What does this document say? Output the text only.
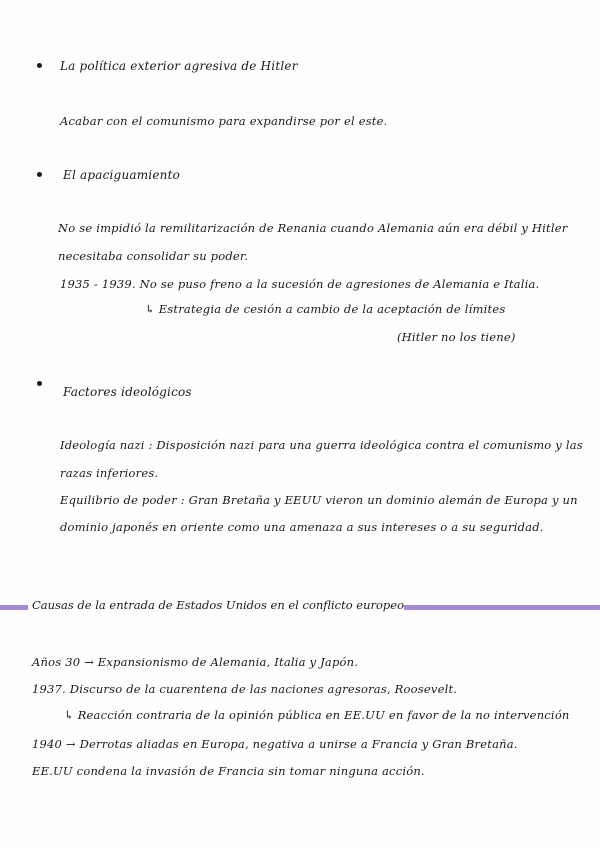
La política exterior agresiva de Hitler
Acabar con el comunismo para expandirse por el este.
El apaciguamiento
No se impidió la remilitarización de Renania cuando Alemania aún era débil y Hitler
necesitaba consolidar su poder.
1935 - 1939. No se puso freno a la sucesión de agresiones de Alemania e Italia.
↳ Estrategia de cesión a cambio de la aceptación de límites
(Hitler no los tiene)
Factores ideológicos
Ideología nazi : Disposición nazi para una guerra ideológica contra el comunismo y las
razas inferiores.
Equilibrio de poder : Gran Bretaña y EEUU vieron un dominio alemán de Europa y un
dominio japonés en oriente como una amenaza a sus intereses o a su seguridad.
Causas de la entrada de Estados Unidos en el conflicto europeo
Años 30 → Expansionismo de Alemania, Italia y Japón.
1937. Discurso de la cuarentena de las naciones agresoras, Roosevelt.
↳ Reacción contraria de la opinión pública en EE.UU en favor de la no intervención
1940 → Derrotas aliadas en Europa, negativa a unirse a Francia y Gran Bretaña.
EE.UU condena la invasión de Francia sin tomar ninguna acción.
